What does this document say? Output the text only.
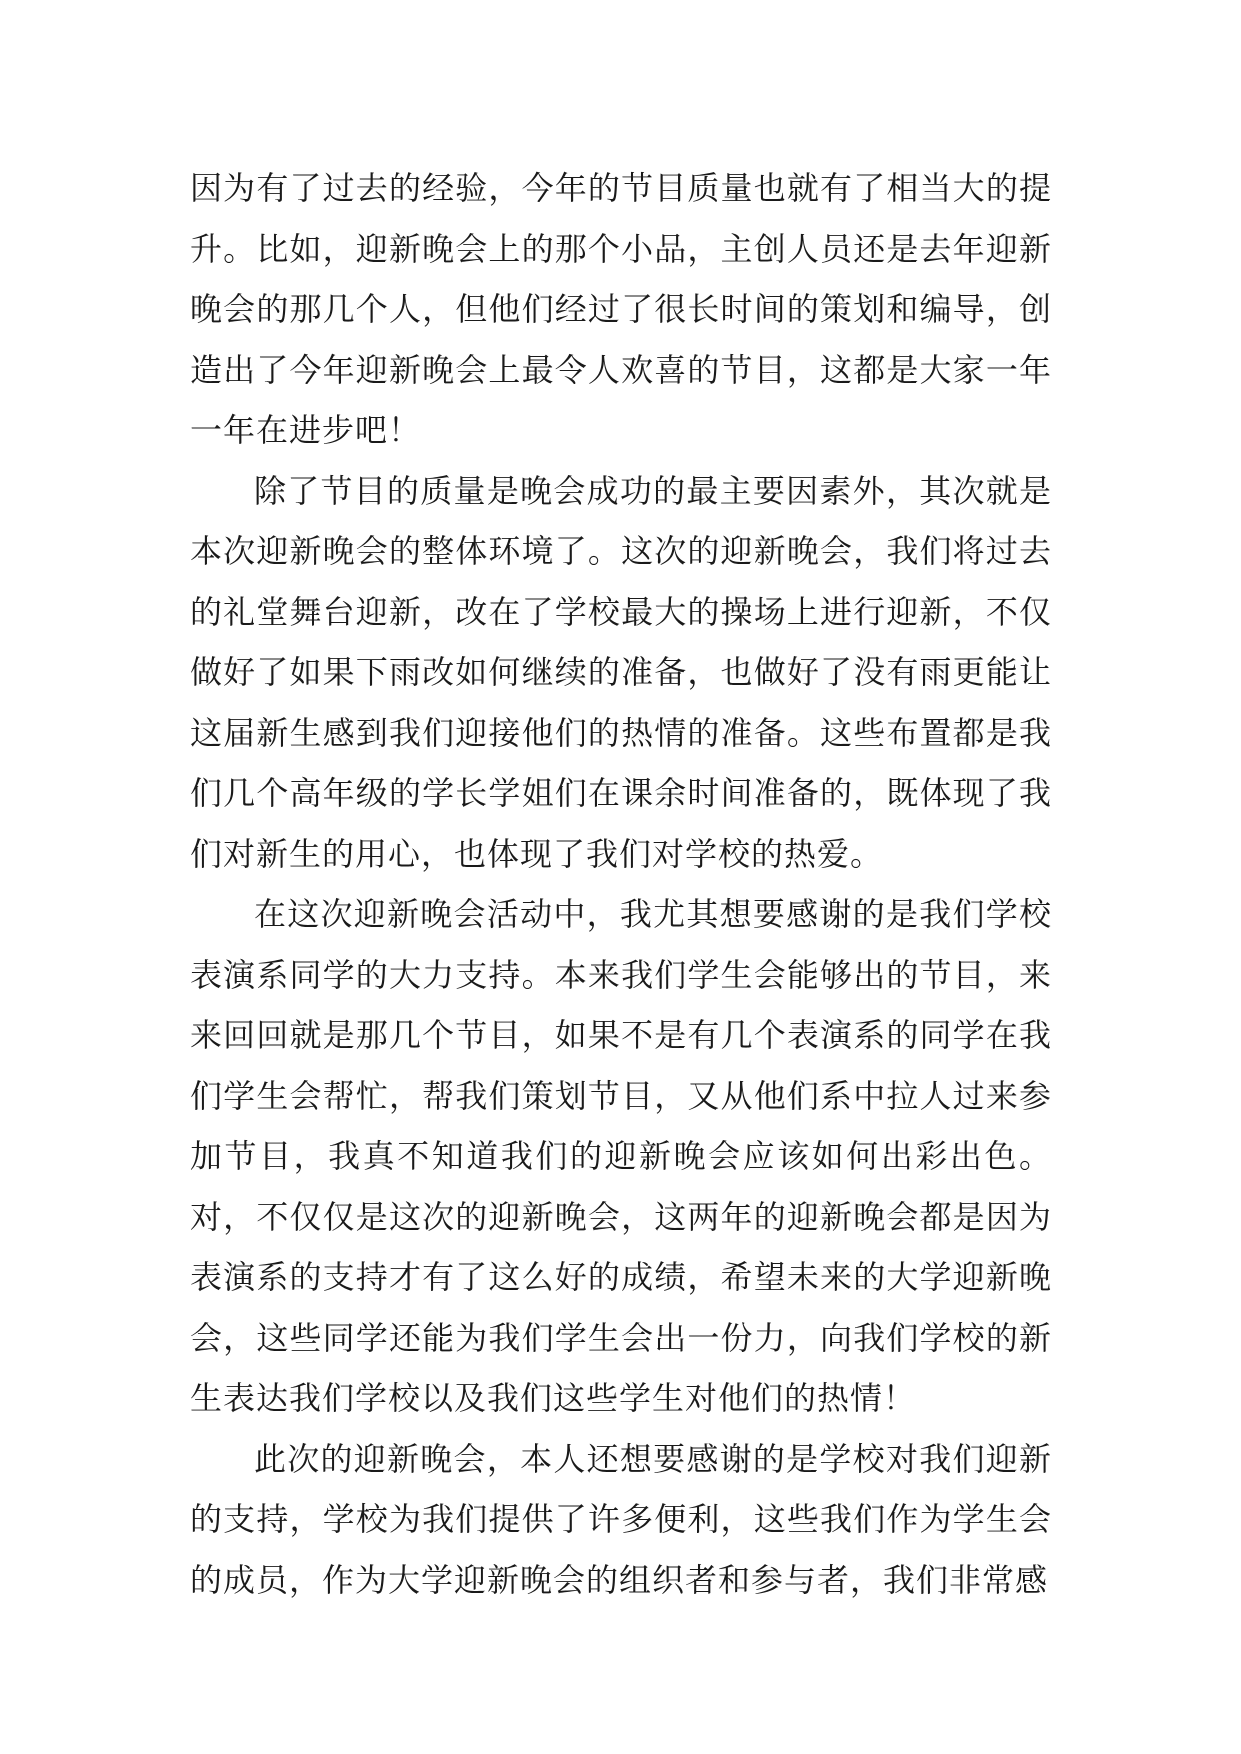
因为有了过去的经验，今年的节目质量也就有了相当大的提升。比如，迎新晚会上的那个小品，主创人员还是去年迎新晚会的那几个人，但他们经过了很长时间的策划和编导，创造出了今年迎新晚会上最令人欢喜的节目，这都是大家一年一年在进步吧！

除了节目的质量是晚会成功的最主要因素外，其次就是本次迎新晚会的整体环境了。这次的迎新晚会，我们将过去的礼堂舞台迎新，改在了学校最大的操场上进行迎新，不仅做好了如果下雨改如何继续的准备，也做好了没有雨更能让这届新生感到我们迎接他们的热情的准备。这些布置都是我们几个高年级的学长学姐们在课余时间准备的，既体现了我们对新生的用心，也体现了我们对学校的热爱。

在这次迎新晚会活动中，我尤其想要感谢的是我们学校表演系同学的大力支持。本来我们学生会能够出的节目，来来回回就是那几个节目，如果不是有几个表演系的同学在我们学生会帮忙，帮我们策划节目，又从他们系中拉人过来参加节目，我真不知道我们的迎新晚会应该如何出彩出色。对，不仅仅是这次的迎新晚会，这两年的迎新晚会都是因为表演系的支持才有了这么好的成绩，希望未来的大学迎新晚会，这些同学还能为我们学生会出一份力，向我们学校的新生表达我们学校以及我们这些学生对他们的热情！

此次的迎新晚会，本人还想要感谢的是学校对我们迎新的支持，学校为我们提供了许多便利，这些我们作为学生会的成员，作为大学迎新晚会的组织者和参与者，我们非常感
